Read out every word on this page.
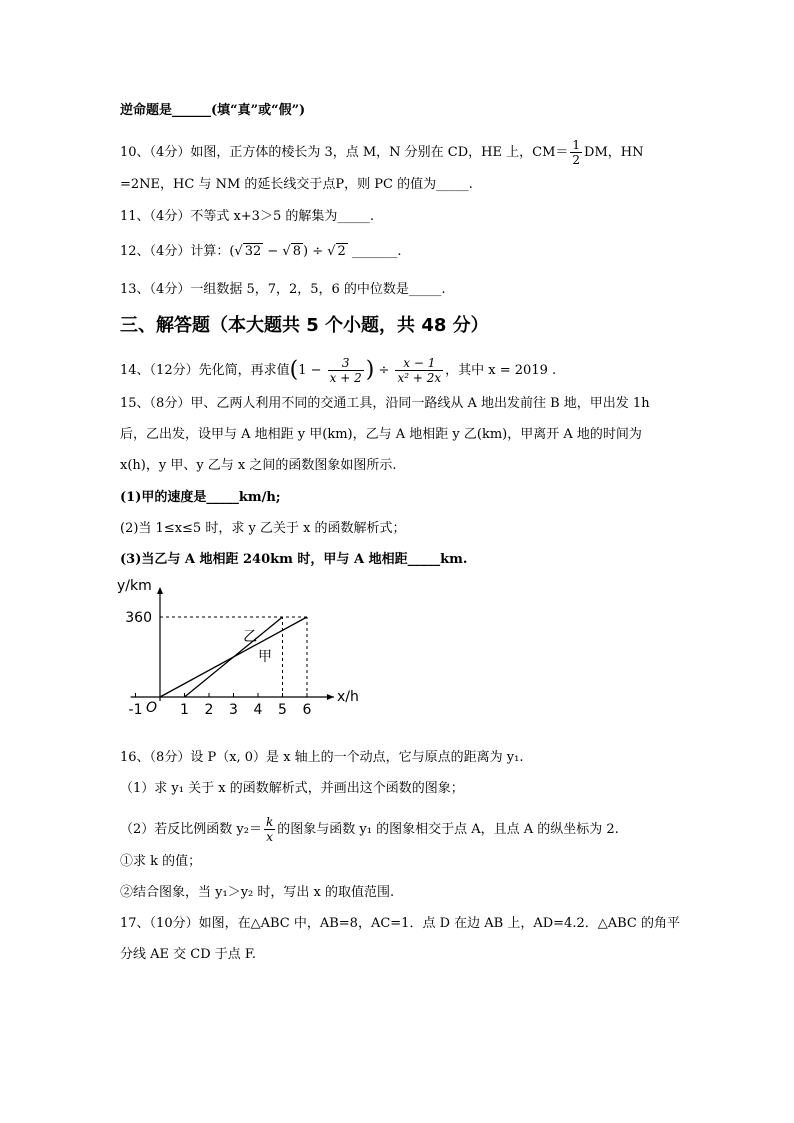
逆命题是______(填“真”或“假”)
10、（4分）如图，正方体的棱长为 3，点 M，N 分别在 CD，HE 上，$CM= \frac{1}{2}$ DM，HN
=2NE，HC 与 NM 的延长线交于点P，则 PC 的值为_____.
11、（4分）不等式 x+3＞5 的解集为_____.
12、（4分）计算：(√ 32 − √ 8 ) ÷ √ 2 _______.
13、（4分）一组数据 5，7，2，5，6 的中位数是_____.
三、解答题（本大题共 5 个小题，共 48 分）
14、（12分）先化简，再求值($1 - \frac{3}{x + 2}$ ) ÷ $\frac{x - 1}{\text{x² + 2x}}$ ，其中 x = 2019 .
15、（8分）甲、乙两人利用不同的交通工具，沿同一路线从 A 地出发前往 B 地，甲出发 1h
后，乙出发，设甲与 A 地相距 y 甲(km)，乙与 A 地相距 y 乙(km)，甲离开 A 地的时间为
x(h)，y 甲、y 乙与 x 之间的函数图象如图所示.
(1)甲的速度是_____km/h;
(2)当 1≤x≤5 时，求 y 乙关于 x 的函数解析式；
(3)当乙与 A 地相距 240km 时，甲与 A 地相距_____km.
-1	1 2 3 4 5 6
O
360
x/h
y/km
乙
甲
16、（8分）设 P（x, 0）是 x 轴上的一个动点，它与原点的距离为 y₁.
（1）求 y₁ 关于 x 的函数解析式，并画出这个函数的图象；
（2）若反比例函数 $y_2= \frac{k}{x}$ 的图象与函数 y₁ 的图象相交于点 A，且点 A 的纵坐标为 2.
①求 k 的值；
②结合图象，当 y₁＞y₂ 时，写出 x 的取值范围.
17、（10分）如图，在△ABC 中，AB=8，AC=1．点 D 在边 AB 上，AD=4.2．△ABC 的角平
分线 AE 交 CD 于点 F.
